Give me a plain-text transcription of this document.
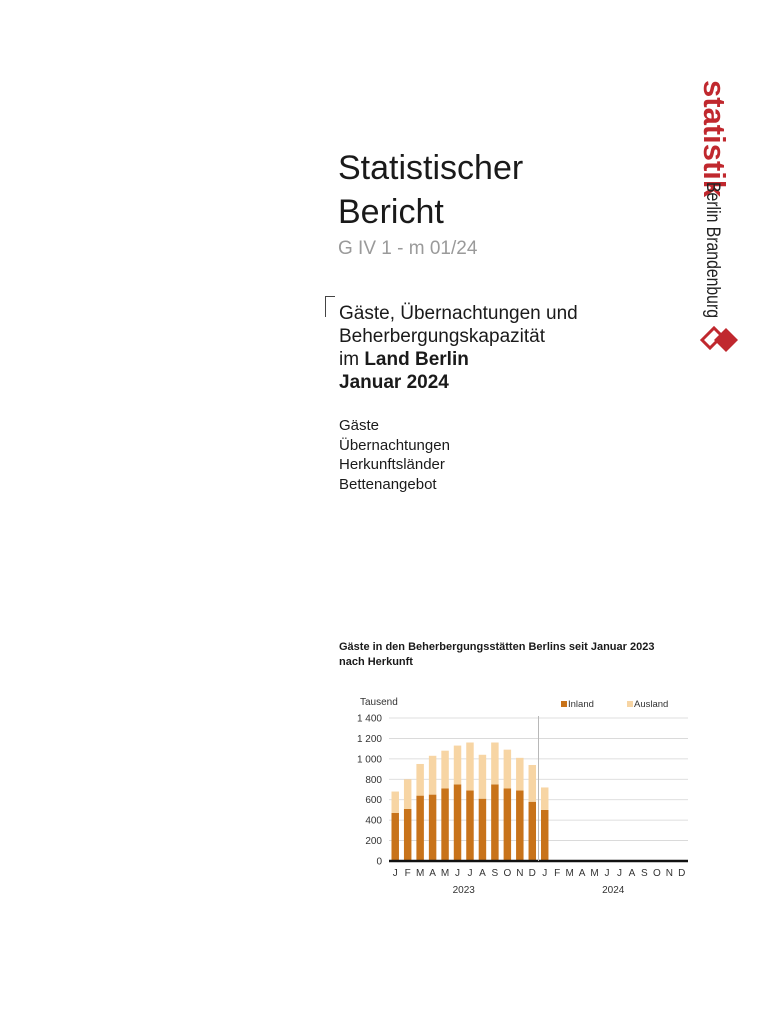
Statistischer
Bericht
G IV 1 - m 01/24
Gäste, Übernachtungen und
Beherbergungskapazität
im Land Berlin
Januar 2024
Gäste
Übernachtungen
Herkunftsländer
Bettenangebot
Gäste in den Beherbergungsstätten Berlins seit Januar 2023
nach Herkunft
0
200
400
600
800
1 000
1 200
1 400
J F M A M J J A S O N D J F M A M J J A S O N D
2023	2024
Tausend	Inland	Ausland
statistik
Berlin Brandenburg
